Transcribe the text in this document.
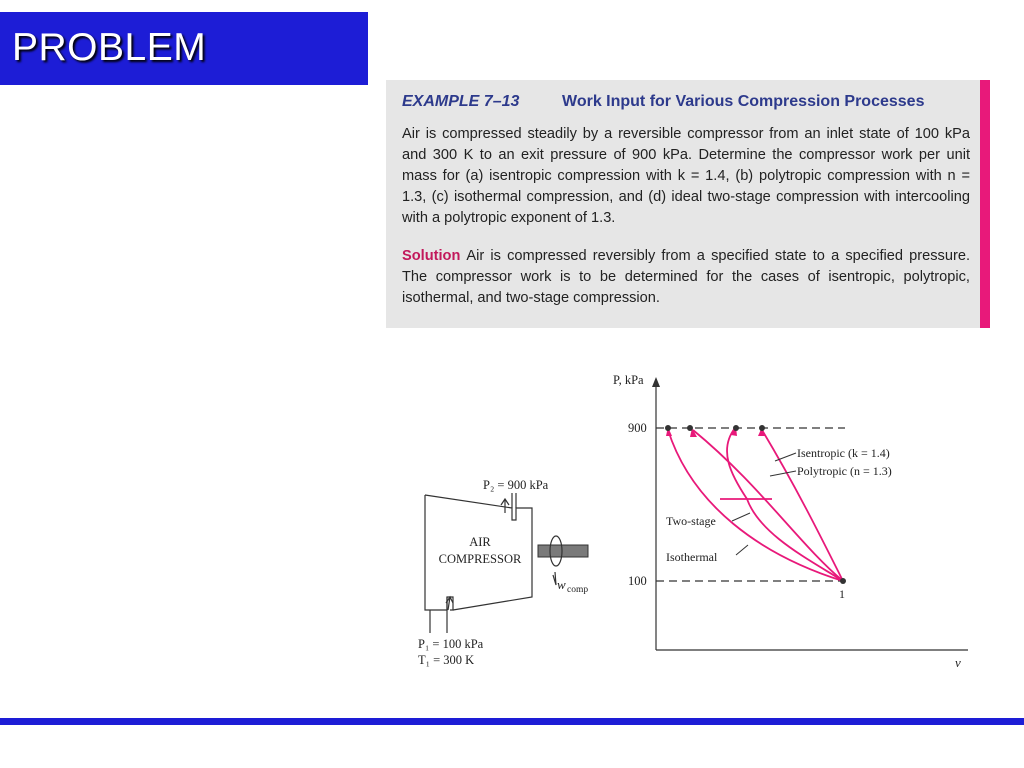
PROBLEM
EXAMPLE 7–13	Work Input for Various Compression Processes

Air is compressed steadily by a reversible compressor from an inlet state of 100 kPa and 300 K to an exit pressure of 900 kPa. Determine the compressor work per unit mass for (a) isentropic compression with k = 1.4, (b) polytropic compression with n = 1.3, (c) isothermal compression, and (d) ideal two-stage compression with intercooling with a polytropic exponent of 1.3.

Solution Air is compressed reversibly from a specified state to a specified pressure. The compressor work is to be determined for the cases of isentropic, polytropic, isothermal, and two-stage compression.

P₂ = 900 kPa
AIR
COMPRESSOR
w comp
P₁ = 100 kPa
T₁ = 300 K
P, kPa
v
900
100
1
Isentropic (k = 1.4)
Polytropic (n = 1.3)
Two-stage
Isothermal
